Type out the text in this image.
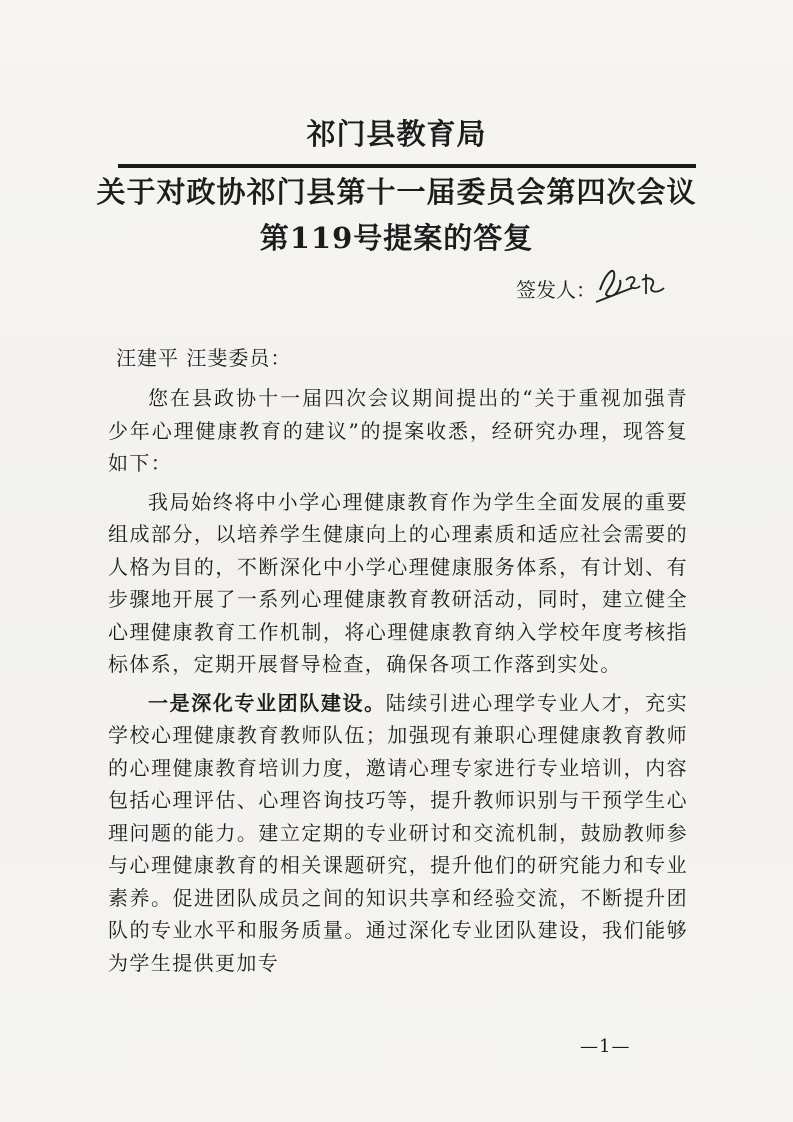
祁门县教育局
关于对政协祁门县第十一届委员会第四次会议
第119号提案的答复
签发人：
汪建平 汪斐委员：

您在县政协十一届四次会议期间提出的“关于重视加强青少年心理健康教育的建议”的提案收悉，经研究办理，现答复如下：

我局始终将中小学心理健康教育作为学生全面发展的重要组成部分，以培养学生健康向上的心理素质和适应社会需要的人格为目的，不断深化中小学心理健康服务体系，有计划、有步骤地开展了一系列心理健康教育教研活动，同时，建立健全心理健康教育工作机制，将心理健康教育纳入学校年度考核指标体系，定期开展督导检查，确保各项工作落到实处。

一是深化专业团队建设。陆续引进心理学专业人才，充实学校心理健康教育教师队伍；加强现有兼职心理健康教育教师的心理健康教育培训力度，邀请心理专家进行专业培训，内容包括心理评估、心理咨询技巧等，提升教师识别与干预学生心理问题的能力。建立定期的专业研讨和交流机制，鼓励教师参与心理健康教育的相关课题研究，提升他们的研究能力和专业素养。促进团队成员之间的知识共享和经验交流，不断提升团队的专业水平和服务质量。通过深化专业团队建设，我们能够为学生提供更加专

—1—
